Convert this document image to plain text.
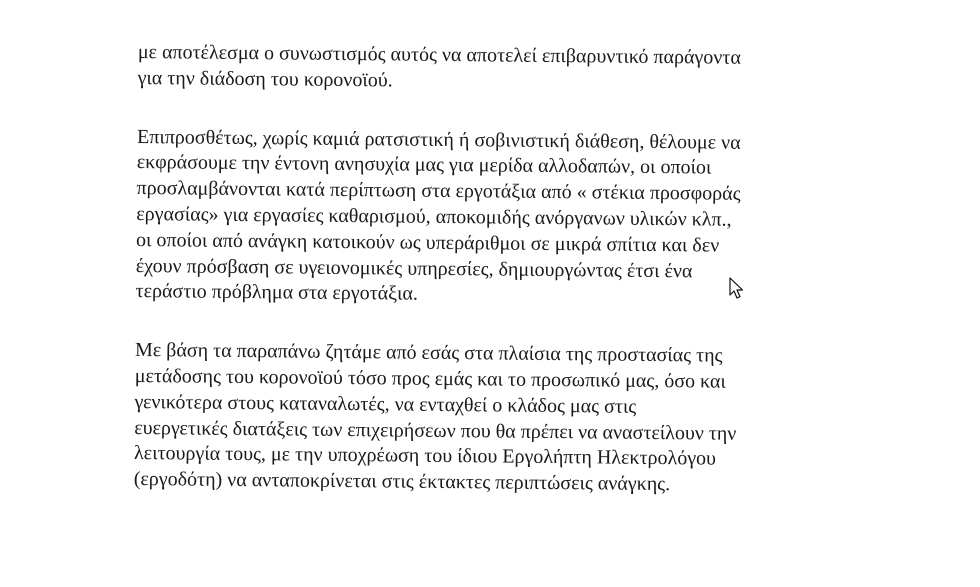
με αποτέλεσμα ο συνωστισμός αυτός να αποτελεί επιβαρυντικό παράγοντα
για την διάδοση του κορονοϊού.

Επιπροσθέτως, χωρίς καμιά ρατσιστική ή σοβινιστική διάθεση, θέλουμε να
εκφράσουμε την έντονη ανησυχία μας για μερίδα αλλοδαπών, οι οποίοι
προσλαμβάνονται κατά περίπτωση στα εργοτάξια από « στέκια προσφοράς
εργασίας» για εργασίες καθαρισμού, αποκομιδής ανόργανων υλικών κλπ.,
οι οποίοι από ανάγκη κατοικούν ως υπεράριθμοι σε μικρά σπίτια και δεν
έχουν πρόσβαση σε υγειονομικές υπηρεσίες, δημιουργώντας έτσι ένα
τεράστιο πρόβλημα στα εργοτάξια.

Με βάση τα παραπάνω ζητάμε από εσάς στα πλαίσια της προστασίας της
μετάδοσης του κορονοϊού τόσο προς εμάς και το προσωπικό μας, όσο και
γενικότερα στους καταναλωτές, να ενταχθεί ο κλάδος μας στις
ευεργετικές διατάξεις των επιχειρήσεων που θα πρέπει να αναστείλουν την
λειτουργία τους, με την υποχρέωση του ίδιου Εργολήπτη Ηλεκτρολόγου
(εργοδότη) να ανταποκρίνεται στις έκτακτες περιπτώσεις ανάγκης.
